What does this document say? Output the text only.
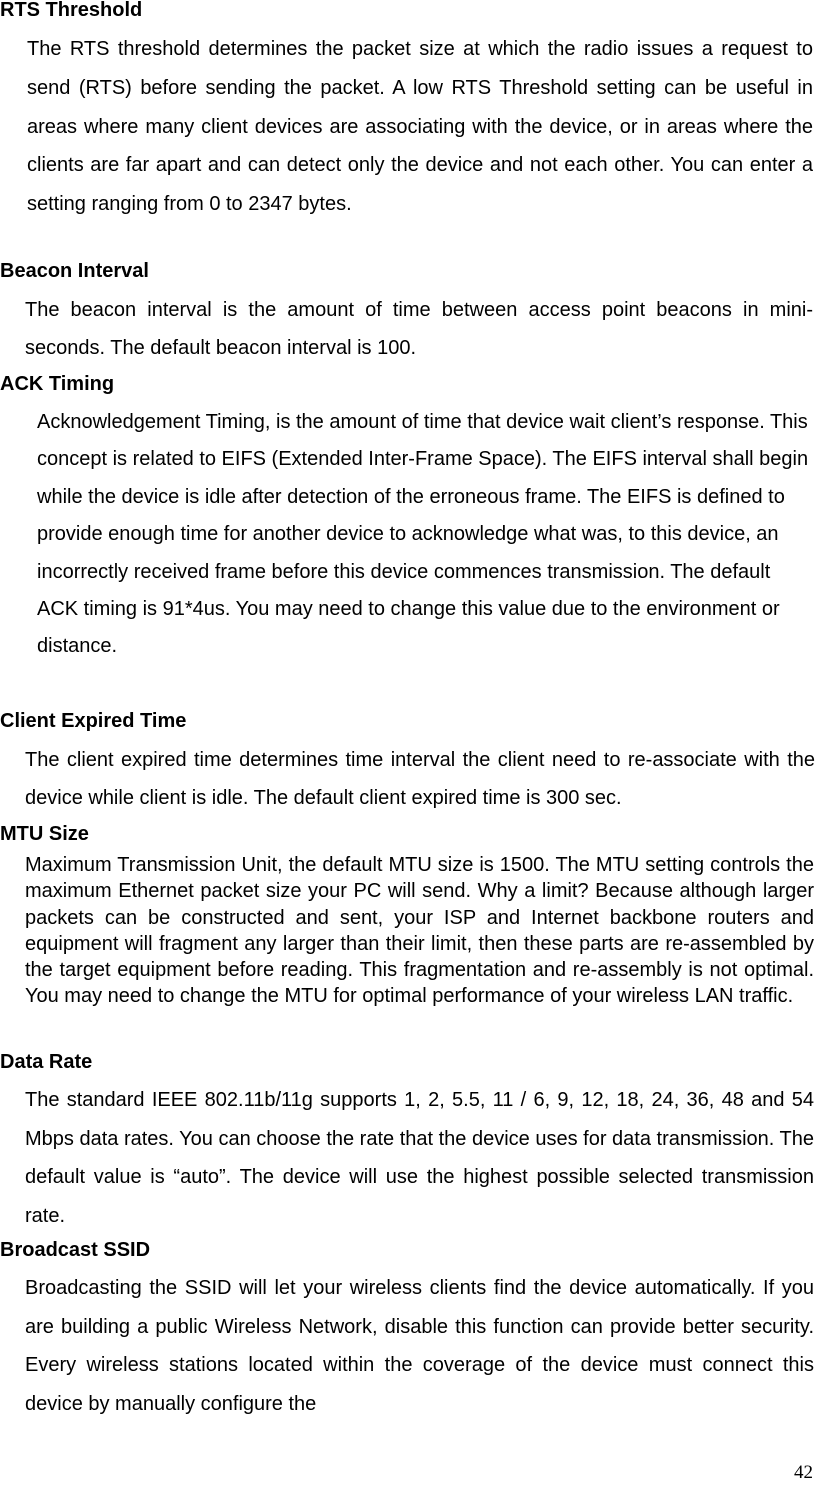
RTS Threshold

The RTS threshold determines the packet size at which the radio issues a request to send (RTS) before sending the packet. A low RTS Threshold setting can be useful in areas where many client devices are associating with the device, or in areas where the clients are far apart and can detect only the device and not each other. You can enter a setting ranging from 0 to 2347 bytes.

Beacon Interval

The beacon interval is the amount of time between access point beacons in mini-seconds. The default beacon interval is 100.

ACK Timing

Acknowledgement Timing, is the amount of time that device wait client’s response. This concept is related to EIFS (Extended Inter-Frame Space). The EIFS interval shall begin while the device is idle after detection of the erroneous frame. The EIFS is defined to provide enough time for another device to acknowledge what was, to this device, an incorrectly received frame before this device commences transmission. The default ACK timing is 91*4us. You may need to change this value due to the environment or distance.

Client Expired Time

The client expired time determines time interval the client need to re-associate with the device while client is idle. The default client expired time is 300 sec.

MTU Size

Maximum Transmission Unit, the default MTU size is 1500. The MTU setting controls the maximum Ethernet packet size your PC will send. Why a limit? Because although larger packets can be constructed and sent, your ISP and Internet backbone routers and equipment will fragment any larger than their limit, then these parts are re-assembled by the target equipment before reading. This fragmentation and re-assembly is not optimal. You may need to change the MTU for optimal performance of your wireless LAN traffic.

Data Rate

The standard IEEE 802.11b/11g supports 1, 2, 5.5, 11 / 6, 9, 12, 18, 24, 36, 48 and 54 Mbps data rates. You can choose the rate that the device uses for data transmission. The default value is “auto”. The device will use the highest possible selected transmission rate.

Broadcast SSID

Broadcasting the SSID will let your wireless clients find the device automatically. If you are building a public Wireless Network, disable this function can provide better security. Every wireless stations located within the coverage of the device must connect this device by manually configure the

42
